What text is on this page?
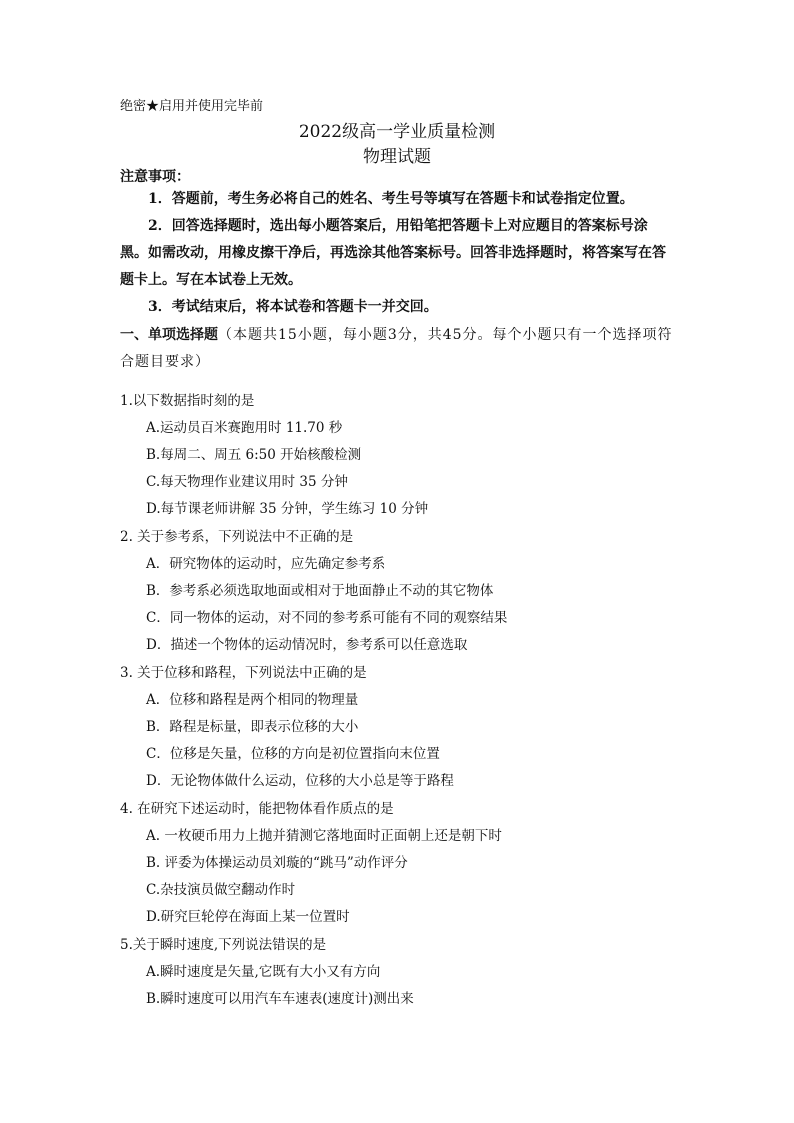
绝密★启用并使用完毕前
2022级高一学业质量检测
物理试题
注意事项：
1．答题前，考生务必将自己的姓名、考生号等填写在答题卡和试卷指定位置。
2．回答选择题时，选出每小题答案后，用铅笔把答题卡上对应题目的答案标号涂黑。如需改动，用橡皮擦干净后，再选涂其他答案标号。回答非选择题时，将答案写在答题卡上。写在本试卷上无效。
3．考试结束后，将本试卷和答题卡一并交回。
一、单项选择题（本题共15小题，每小题3分，共45分。每个小题只有一个选择项符合题目要求）
1.以下数据指时刻的是
A.运动员百米赛跑用时 11.70 秒
B.每周二、周五 6:50 开始核酸检测
C.每天物理作业建议用时 35 分钟
D.每节课老师讲解 35 分钟，学生练习 10 分钟
2. 关于参考系，下列说法中不正确的是
A．研究物体的运动时，应先确定参考系
B．参考系必须选取地面或相对于地面静止不动的其它物体
C．同一物体的运动，对不同的参考系可能有不同的观察结果
D．描述一个物体的运动情况时，参考系可以任意选取
3. 关于位移和路程，下列说法中正确的是
A．位移和路程是两个相同的物理量
B．路程是标量，即表示位移的大小
C．位移是矢量，位移的方向是初位置指向末位置
D．无论物体做什么运动，位移的大小总是等于路程
4. 在研究下述运动时，能把物体看作质点的是
A. 一枚硬币用力上抛并猜测它落地面时正面朝上还是朝下时
B. 评委为体操运动员刘璇的“跳马”动作评分
C.杂技演员做空翻动作时
D.研究巨轮停在海面上某一位置时
5.关于瞬时速度,下列说法错误的是
A.瞬时速度是矢量,它既有大小又有方向
B.瞬时速度可以用汽车车速表(速度计)测出来
